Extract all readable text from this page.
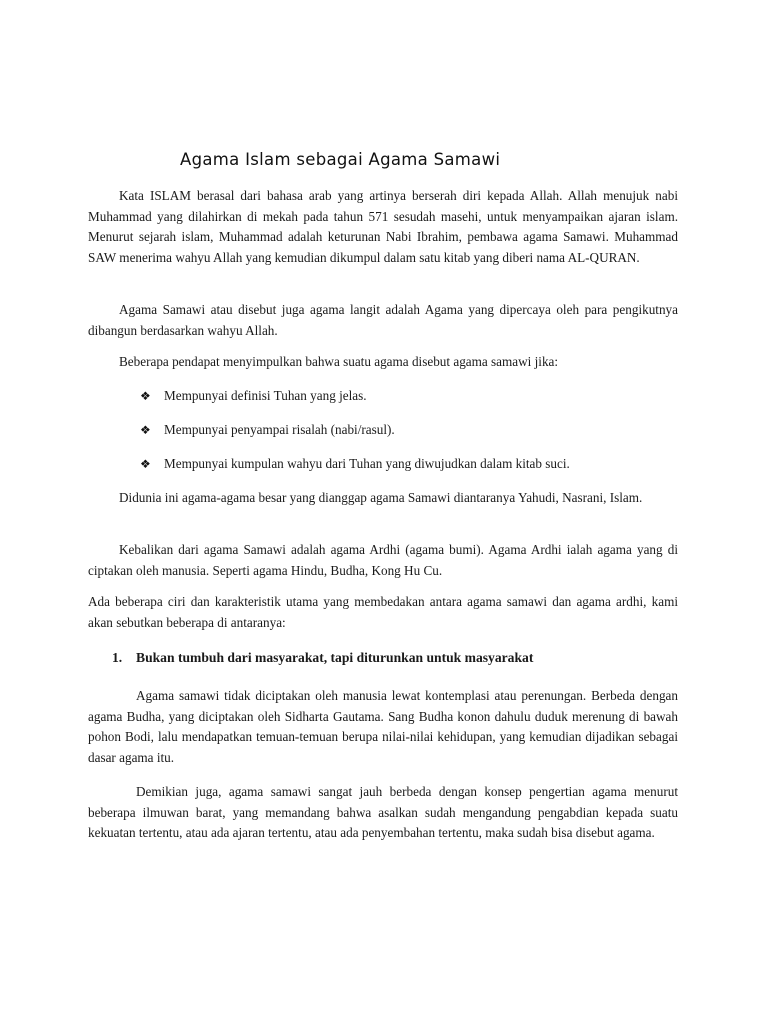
Agama Islam sebagai Agama Samawi

Kata ISLAM berasal dari bahasa arab yang artinya berserah diri kepada Allah. Allah menujuk nabi Muhammad yang dilahirkan di mekah pada tahun 571 sesudah masehi, untuk menyampaikan ajaran islam. Menurut sejarah islam, Muhammad adalah keturunan Nabi Ibrahim, pembawa agama Samawi. Muhammad SAW menerima wahyu Allah yang kemudian dikumpul dalam satu kitab yang diberi nama AL-QURAN.

Agama Samawi atau disebut juga agama langit adalah Agama yang dipercaya oleh para pengikutnya dibangun berdasarkan wahyu Allah.

Beberapa pendapat menyimpulkan bahwa suatu agama disebut agama samawi jika:

❖	Mempunyai definisi Tuhan yang jelas.
❖	Mempunyai penyampai risalah (nabi/rasul).
❖	Mempunyai kumpulan wahyu dari Tuhan yang diwujudkan dalam kitab suci.

Didunia ini agama-agama besar yang dianggap agama Samawi diantaranya Yahudi, Nasrani, Islam.

Kebalikan dari agama Samawi adalah agama Ardhi (agama bumi). Agama Ardhi ialah agama yang di ciptakan oleh manusia. Seperti agama Hindu, Budha, Kong Hu Cu.

Ada beberapa ciri dan karakteristik utama yang membedakan antara agama samawi dan agama ardhi, kami akan sebutkan beberapa di antaranya:

1.	Bukan tumbuh dari masyarakat, tapi diturunkan untuk masyarakat

Agama samawi tidak diciptakan oleh manusia lewat kontemplasi atau perenungan. Berbeda dengan agama Budha, yang diciptakan oleh Sidharta Gautama. Sang Budha konon dahulu duduk merenung di bawah pohon Bodi, lalu mendapatkan temuan-temuan berupa nilai-nilai kehidupan, yang kemudian dijadikan sebagai dasar agama itu.

Demikian juga, agama samawi sangat jauh berbeda dengan konsep pengertian agama menurut beberapa ilmuwan barat, yang memandang bahwa asalkan sudah mengandung pengabdian kepada suatu kekuatan tertentu, atau ada ajaran tertentu, atau ada penyembahan tertentu, maka sudah bisa disebut agama.
